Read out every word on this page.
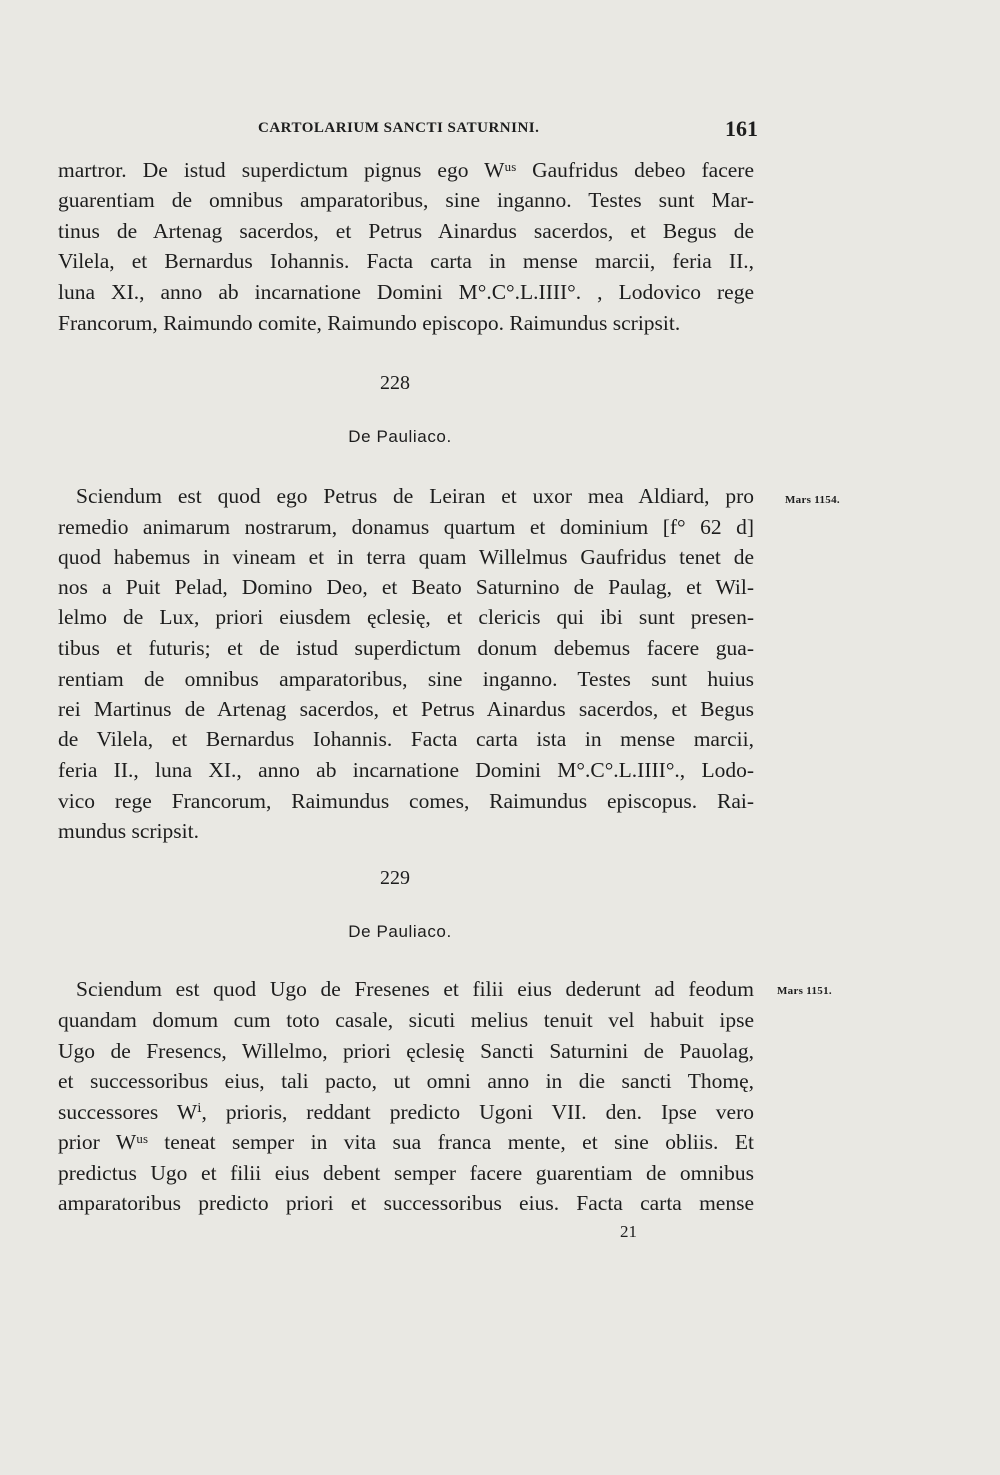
CARTOLARIUM SANCTI SATURNINI.	161
martror. De istud superdictum pignus ego Wᵘˢ Gaufridus debeo facere
guarentiam de omnibus amparatoribus, sine inganno. Testes sunt Mar-
tinus de Artenag sacerdos, et Petrus Ainardus sacerdos, et Begus de
Vilela, et Bernardus Iohannis. Facta carta in mense marcii, feria II.,
luna XI., anno ab incarnatione Domini M°.C°.L.IIII°. , Lodovico rege
Francorum, Raimundo comite, Raimundo episcopo. Raimundus scripsit.
228
De Pauliaco.
Mars 1154.
Sciendum est quod ego Petrus de Leiran et uxor mea Aldiard, pro
remedio animarum nostrarum, donamus quartum et dominium [f° 62 d]
quod habemus in vineam et in terra quam Willelmus Gaufridus tenet de
nos a Puit Pelad, Domino Deo, et Beato Saturnino de Paulag, et Wil-
lelmo de Lux, priori eiusdem ęclesię, et clericis qui ibi sunt presen-
tibus et futuris; et de istud superdictum donum debemus facere gua-
rentiam de omnibus amparatoribus, sine inganno. Testes sunt huius
rei Martinus de Artenag sacerdos, et Petrus Ainardus sacerdos, et Begus
de Vilela, et Bernardus Iohannis. Facta carta ista in mense marcii,
feria II., luna XI., anno ab incarnatione Domini M°.C°.L.IIII°., Lodo-
vico rege Francorum, Raimundus comes, Raimundus episcopus. Rai-
mundus scripsit.
229
De Pauliaco.
Mars 1151.
Sciendum est quod Ugo de Fresenes et filii eius dederunt ad feodum
quandam domum cum toto casale, sicuti melius tenuit vel habuit ipse
Ugo de Fresencs, Willelmo, priori ęclesię Sancti Saturnini de Pauolag,
et successoribus eius, tali pacto, ut omni anno in die sancti Thomę,
successores Wⁱ, prioris, reddant predicto Ugoni VII. den. Ipse vero
prior Wᵘˢ teneat semper in vita sua franca mente, et sine obliis. Et
predictus Ugo et filii eius debent semper facere guarentiam de omnibus
amparatoribus predicto priori et successoribus eius. Facta carta mense
21
